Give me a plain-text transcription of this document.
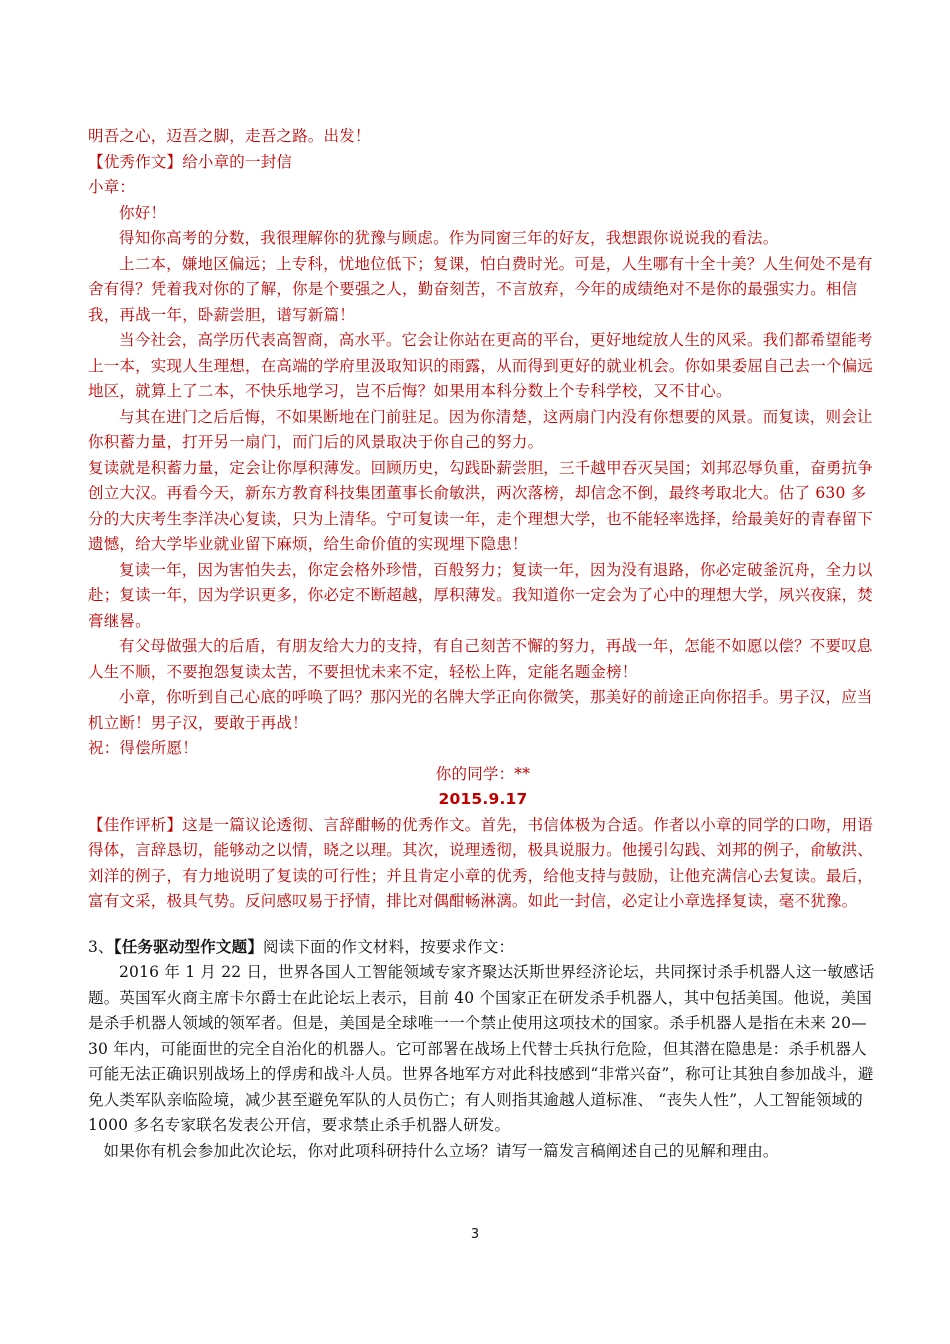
明吾之心，迈吾之脚，走吾之路。出发！

【优秀作文】给小章的一封信

小章：

你好！

得知你高考的分数，我很理解你的犹豫与顾虑。作为同窗三年的好友，我想跟你说说我的看法。

上二本，嫌地区偏远；上专科，忧地位低下；复课，怕白费时光。可是，人生哪有十全十美？人生何处不是有舍有得？凭着我对你的了解，你是个要强之人，勤奋刻苦，不言放弃，今年的成绩绝对不是你的最强实力。相信我，再战一年，卧薪尝胆，谱写新篇！

当今社会，高学历代表高智商，高水平。它会让你站在更高的平台，更好地绽放人生的风采。我们都希望能考上一本，实现人生理想，在高端的学府里汲取知识的雨露，从而得到更好的就业机会。你如果委屈自己去一个偏远地区，就算上了二本，不快乐地学习，岂不后悔？如果用本科分数上个专科学校，又不甘心。

与其在进门之后后悔，不如果断地在门前驻足。因为你清楚，这两扇门内没有你想要的风景。而复读，则会让你积蓄力量，打开另一扇门，而门后的风景取决于你自己的努力。

复读就是积蓄力量，定会让你厚积薄发。回顾历史，勾践卧薪尝胆，三千越甲吞灭吴国；刘邦忍辱负重，奋勇抗争创立大汉。再看今天，新东方教育科技集团董事长俞敏洪，两次落榜，却信念不倒，最终考取北大。估了 630 多分的大庆考生李洋决心复读，只为上清华。宁可复读一年，走个理想大学，也不能轻率选择，给最美好的青春留下遗憾，给大学毕业就业留下麻烦，给生命价值的实现埋下隐患！

复读一年，因为害怕失去，你定会格外珍惜，百般努力；复读一年，因为没有退路，你必定破釜沉舟，全力以赴；复读一年，因为学识更多，你必定不断超越，厚积薄发。我知道你一定会为了心中的理想大学，夙兴夜寐，焚膏继晷。

有父母做强大的后盾，有朋友给大力的支持，有自己刻苦不懈的努力，再战一年，怎能不如愿以偿？不要叹息人生不顺，不要抱怨复读太苦，不要担忧未来不定，轻松上阵，定能名题金榜！

小章，你听到自己心底的呼唤了吗？那闪光的名牌大学正向你微笑，那美好的前途正向你招手。男子汉，应当机立断！男子汉，要敢于再战！

祝：得偿所愿！

你的同学：**

2015.9.17

【佳作评析】这是一篇议论透彻、言辞酣畅的优秀作文。首先，书信体极为合适。作者以小章的同学的口吻，用语得体，言辞恳切，能够动之以情，晓之以理。其次，说理透彻，极具说服力。他援引勾践、刘邦的例子，俞敏洪、刘洋的例子，有力地说明了复读的可行性；并且肯定小章的优秀，给他支持与鼓励，让他充满信心去复读。最后，富有文采，极具气势。反问感叹易于抒情，排比对偶酣畅淋漓。如此一封信，必定让小章选择复读，毫不犹豫。

3、【任务驱动型作文题】阅读下面的作文材料，按要求作文：

2016 年 1 月 22 日，世界各国人工智能领域专家齐聚达沃斯世界经济论坛，共同探讨杀手机器人这一敏感话题。英国军火商主席卡尔爵士在此论坛上表示，目前 40 个国家正在研发杀手机器人，其中包括美国。他说，美国是杀手机器人领域的领军者。但是，美国是全球唯一一个禁止使用这项技术的国家。杀手机器人是指在未来 20—30 年内，可能面世的完全自治化的机器人。它可部署在战场上代替士兵执行危险，但其潜在隐患是：杀手机器人可能无法正确识别战场上的俘虏和战斗人员。世界各地军方对此科技感到“非常兴奋”，称可让其独自参加战斗，避免人类军队亲临险境，减少甚至避免军队的人员伤亡；有人则指其逾越人道标准、 “丧失人性”，人工智能领域的 1000 多名专家联名发表公开信，要求禁止杀手机器人研发。

如果你有机会参加此次论坛，你对此项科研持什么立场？请写一篇发言稿阐述自己的见解和理由。

3
